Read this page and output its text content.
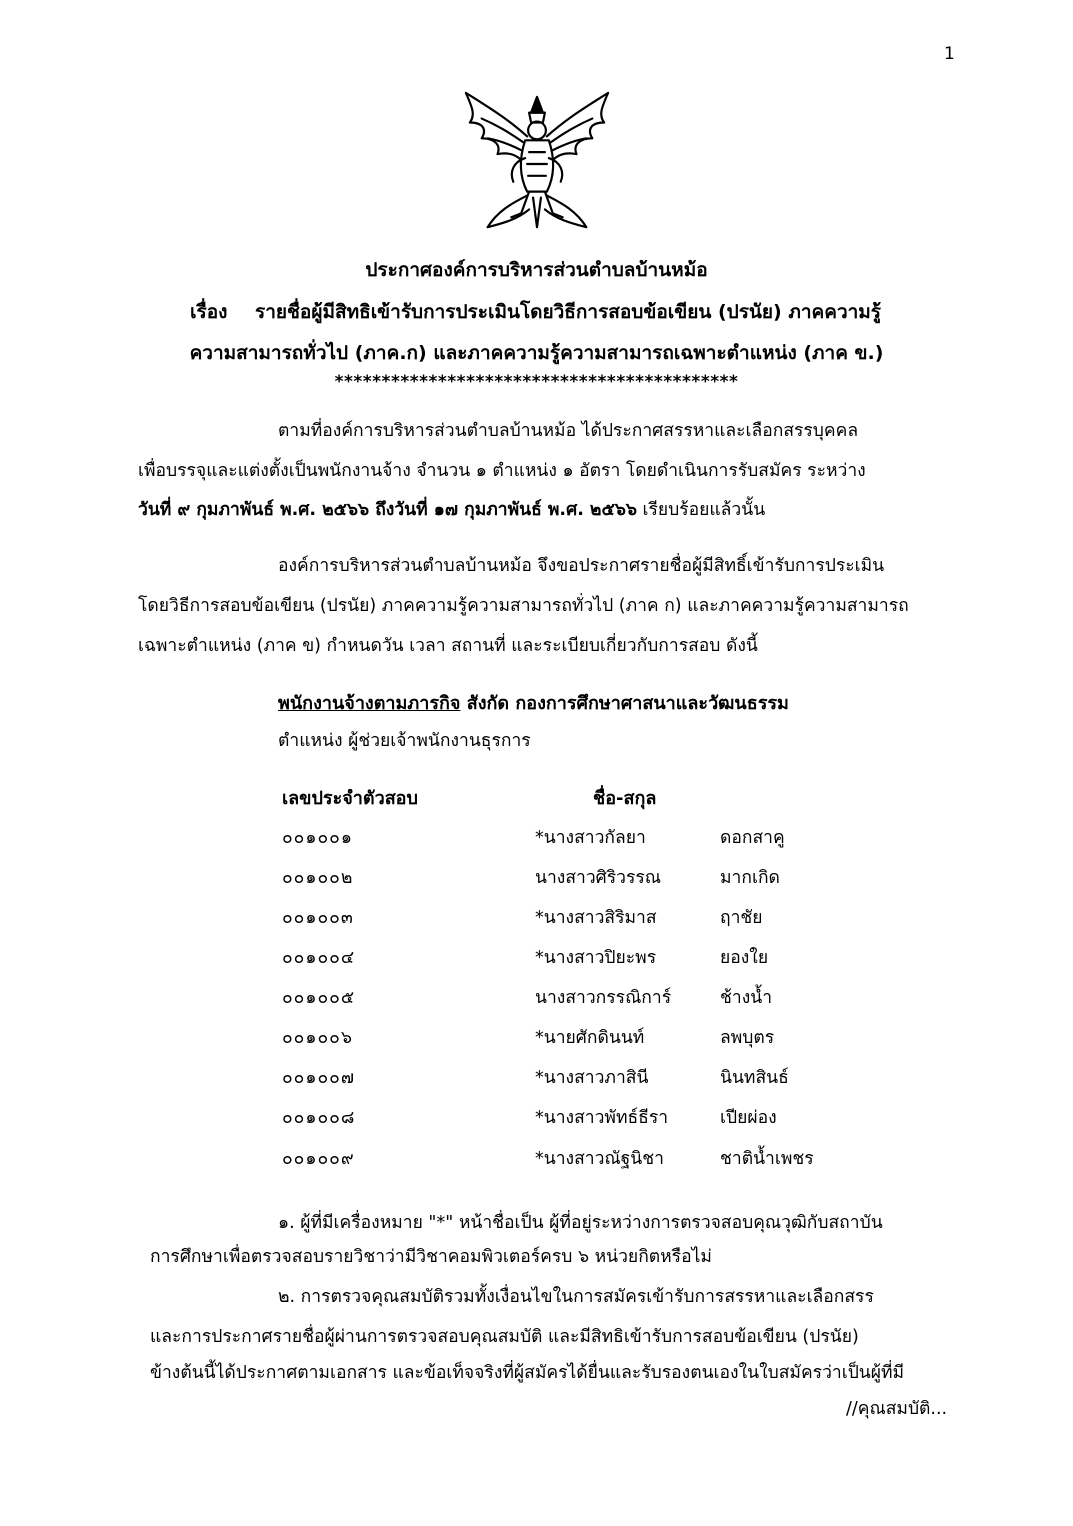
1
ประกาศองค์การบริหารส่วนตำบลบ้านหม้อ
เรื่อง รายชื่อผู้มีสิทธิเข้ารับการประเมินโดยวิธีการสอบข้อเขียน (ปรนัย) ภาคความรู้
ความสามารถทั่วไป (ภาค.ก) และภาคความรู้ความสามารถเฉพาะตำแหน่ง (ภาค ข.)
*******************************************
ตามที่องค์การบริหารส่วนตำบลบ้านหม้อ ได้ประกาศสรรหาและเลือกสรรบุคคล
เพื่อบรรจุและแต่งตั้งเป็นพนักงานจ้าง จำนวน ๑ ตำแหน่ง ๑ อัตรา โดยดำเนินการรับสมัคร ระหว่าง
วันที่ ๙ กุมภาพันธ์ พ.ศ. ๒๕๖๖ ถึงวันที่ ๑๗ กุมภาพันธ์ พ.ศ. ๒๕๖๖ เรียบร้อยแล้วนั้น
องค์การบริหารส่วนตำบลบ้านหม้อ จึงขอประกาศรายชื่อผู้มีสิทธิ์เข้ารับการประเมิน
โดยวิธีการสอบข้อเขียน (ปรนัย) ภาคความรู้ความสามารถทั่วไป (ภาค ก) และภาคความรู้ความสามารถ
เฉพาะตำแหน่ง (ภาค ข) กำหนดวัน เวลา สถานที่ และระเบียบเกี่ยวกับการสอบ ดังนี้
พนักงานจ้างตามภารกิจ สังกัด กองการศึกษาศาสนาและวัฒนธรรม
ตำแหน่ง ผู้ช่วยเจ้าพนักงานธุรการ
เลขประจำตัวสอบ	ชื่อ-สกุล
๐๐๑๐๐๑	*นางสาวกัลยา	ดอกสาคู
๐๐๑๐๐๒	นางสาวศิริวรรณ	มากเกิด
๐๐๑๐๐๓	*นางสาวสิริมาส	ฤาชัย
๐๐๑๐๐๔	*นางสาวปิยะพร	ยองใย
๐๐๑๐๐๕	นางสาวกรรณิการ์	ช้างน้ำ
๐๐๑๐๐๖	*นายศักดินนท์	ลพบุตร
๐๐๑๐๐๗	*นางสาวภาสินี	นินทสินธ์
๐๐๑๐๐๘	*นางสาวพัทธ์ธีรา	เปียผ่อง
๐๐๑๐๐๙	*นางสาวณัฐนิชา	ชาติน้ำเพชร
๑. ผู้ที่มีเครื่องหมาย "*" หน้าชื่อเป็น ผู้ที่อยู่ระหว่างการตรวจสอบคุณวุฒิกับสถาบัน
การศึกษาเพื่อตรวจสอบรายวิชาว่ามีวิชาคอมพิวเตอร์ครบ ๖ หน่วยกิตหรือไม่
๒. การตรวจคุณสมบัติรวมทั้งเงื่อนไขในการสมัครเข้ารับการสรรหาและเลือกสรร
และการประกาศรายชื่อผู้ผ่านการตรวจสอบคุณสมบัติ และมีสิทธิเข้ารับการสอบข้อเขียน (ปรนัย)
ข้างต้นนี้ได้ประกาศตามเอกสาร และข้อเท็จจริงที่ผู้สมัครได้ยื่นและรับรองตนเองในใบสมัครว่าเป็นผู้ที่มี
//คุณสมบัติ...
